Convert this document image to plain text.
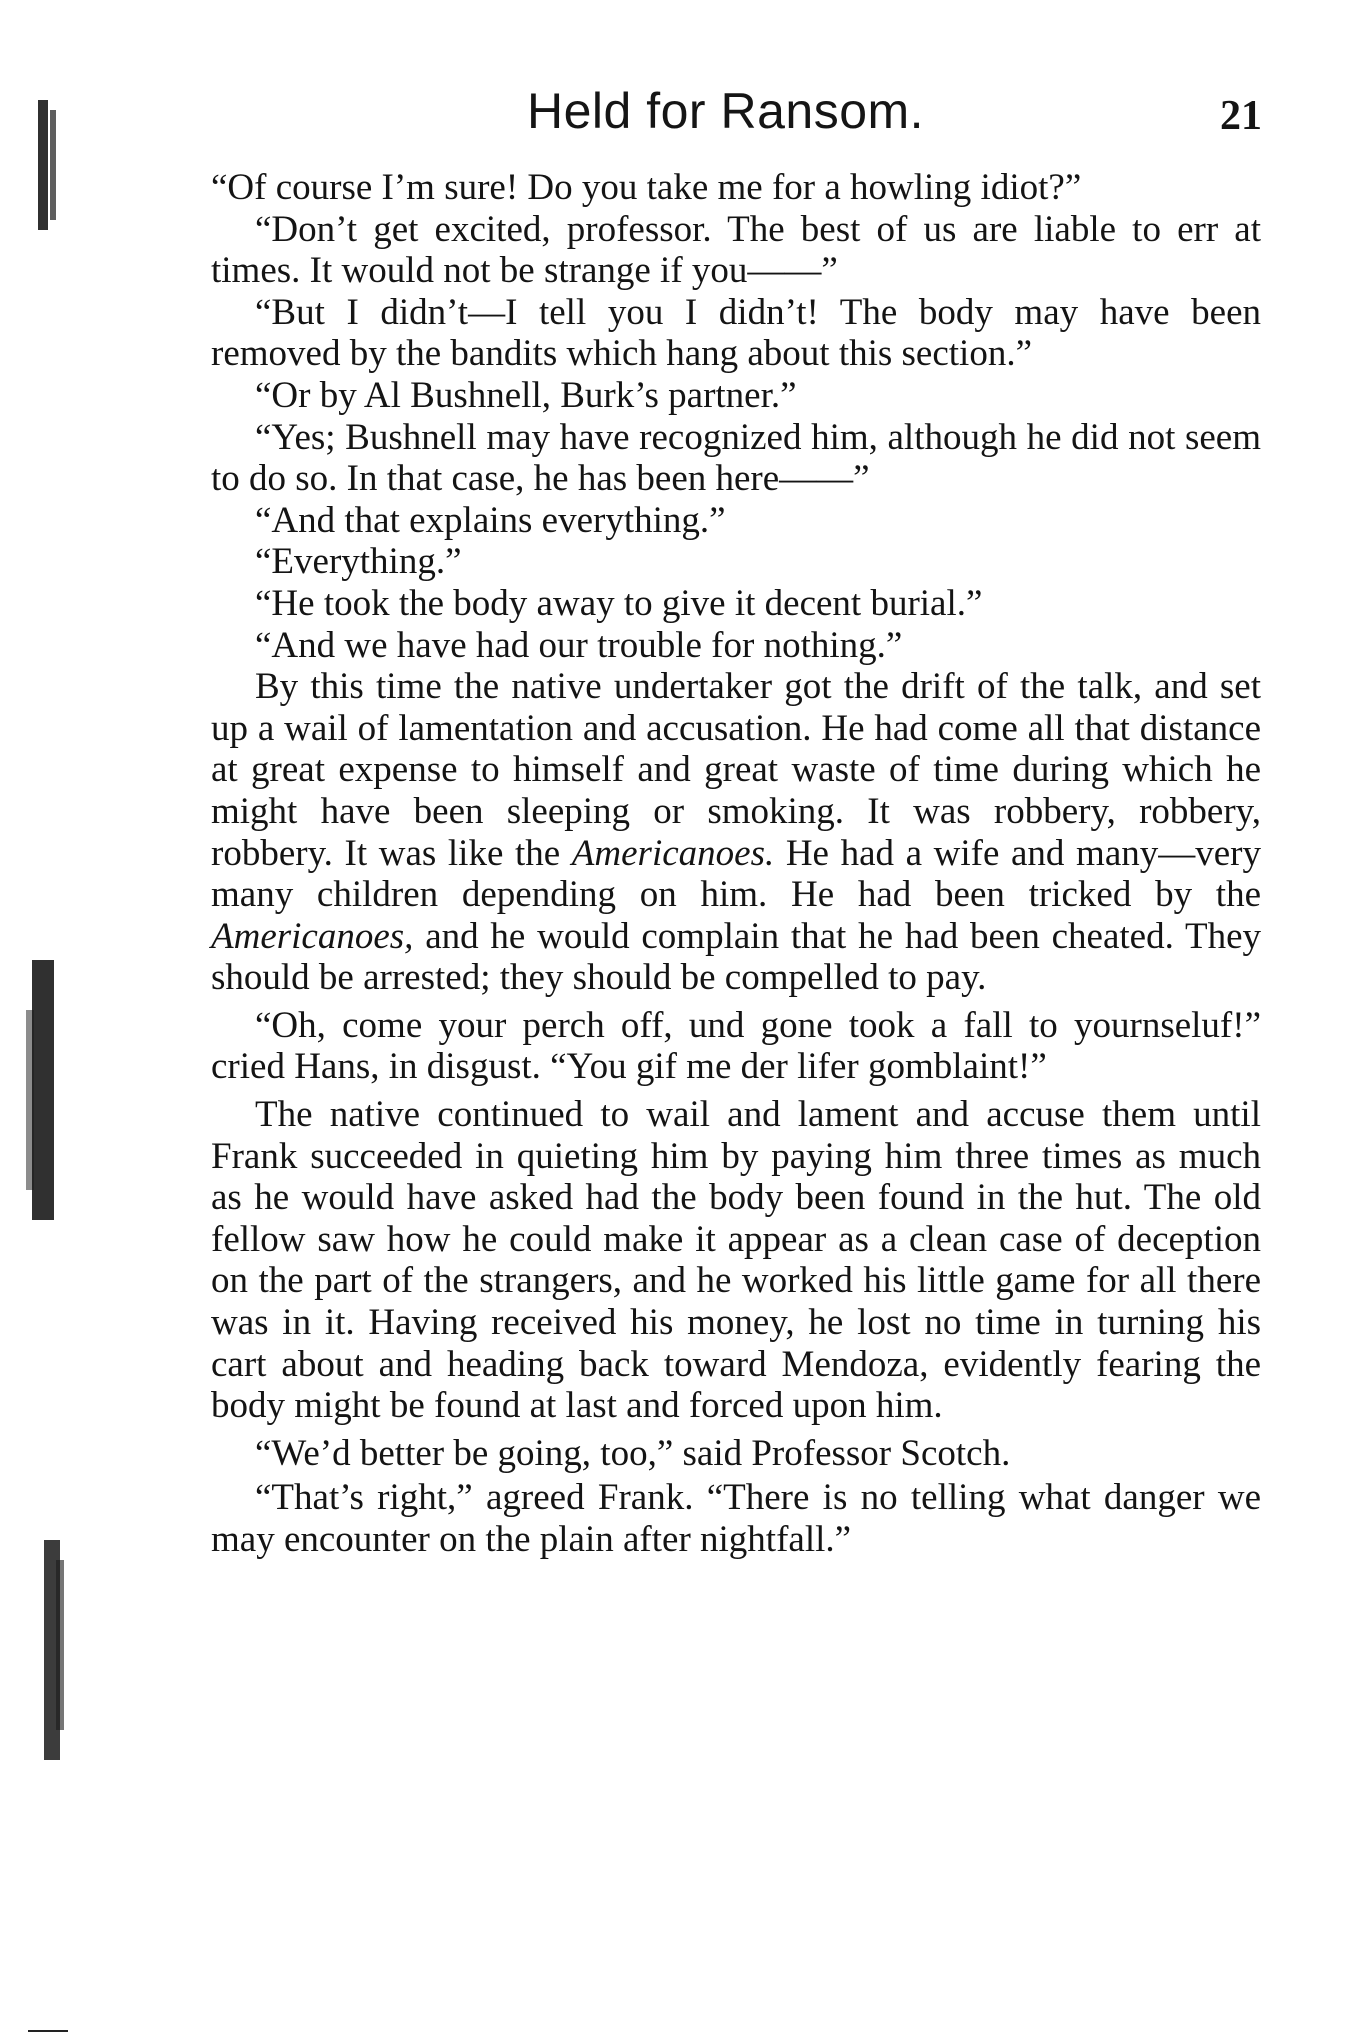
Held for Ransom.	21

“Of course I’m sure! Do you take me for a howling idiot?”

“Don’t get excited, professor. The best of us are liable to err at times. It would not be strange if you——”

“But I didn’t—I tell you I didn’t! The body may have been removed by the bandits which hang about this section.”

“Or by Al Bushnell, Burk’s partner.”

“Yes; Bushnell may have recognized him, although he did not seem to do so. In that case, he has been here——”

“And that explains everything.”

“Everything.”

“He took the body away to give it decent burial.”

“And we have had our trouble for nothing.”

By this time the native undertaker got the drift of the talk, and set up a wail of lamentation and accusation. He had come all that distance at great expense to himself and great waste of time during which he might have been sleeping or smoking. It was robbery, robbery, robbery. It was like the Americanoes. He had a wife and many—very many children depending on him. He had been tricked by the Americanoes, and he would complain that he had been cheated. They should be arrested; they should be compelled to pay.

“Oh, come your perch off, und gone took a fall to yournseluf!” cried Hans, in disgust. “You gif me der lifer gomblaint!”

The native continued to wail and lament and accuse them until Frank succeeded in quieting him by paying him three times as much as he would have asked had the body been found in the hut. The old fellow saw how he could make it appear as a clean case of deception on the part of the strangers, and he worked his little game for all there was in it. Having received his money, he lost no time in turning his cart about and heading back toward Mendoza, evidently fearing the body might be found at last and forced upon him.

“We’d better be going, too,” said Professor Scotch.

“That’s right,” agreed Frank. “There is no telling what danger we may encounter on the plain after nightfall.”
